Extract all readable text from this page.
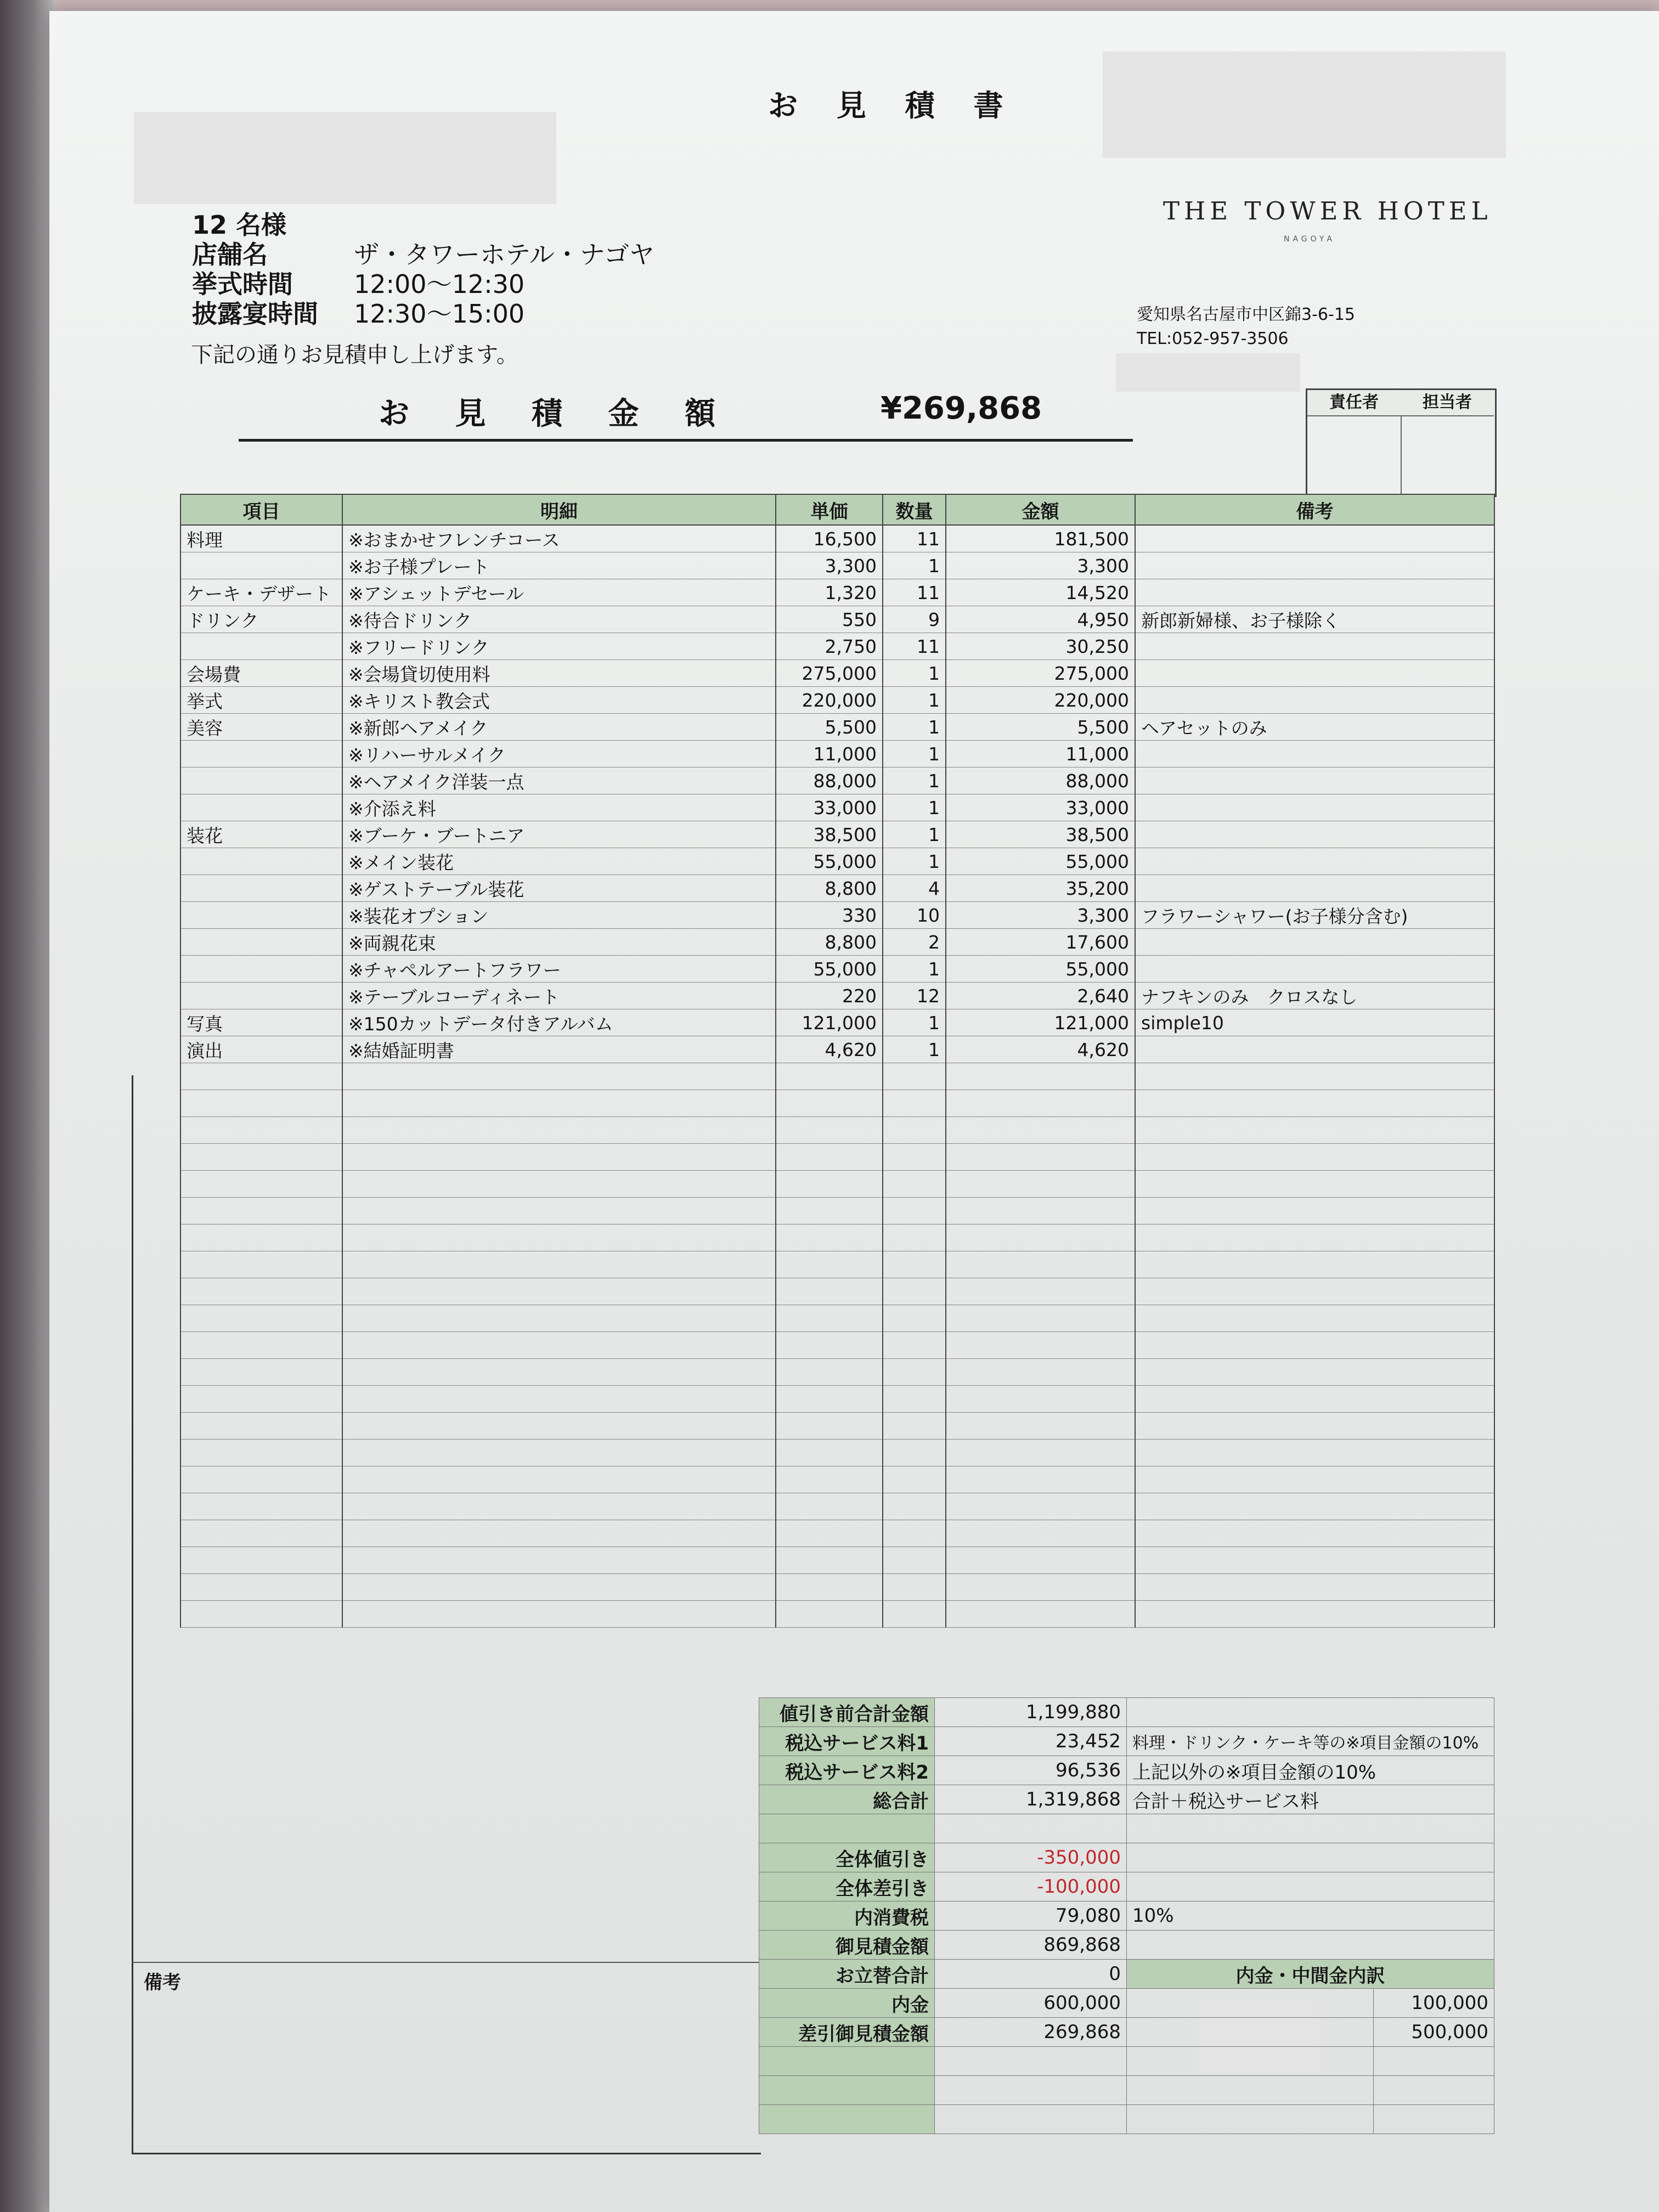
お 見 積 書
12 名様
店舗名	ザ・タワーホテル・ナゴヤ
挙式時間 12:00～12:30
披露宴時間 12:30～15:00
下記の通りお見積申し上げます。
お 見 積 金 額	¥269,868
THE TOWER HOTEL
NAGOYA
愛知県名古屋市中区錦3-6-15
TEL:052-957-3506
責任者	担当者
項目	明細	単価	数量	金額	備考
料理	※おまかせフレンチコース	16,500	11	181,500	
	※お子様プレート	3,300	1	3,300	
ケーキ・デザート	※アシェットデセール	1,320	11	14,520	
ドリンク	※待合ドリンク	550	9	4,950	新郎新婦様、お子様除く
	※フリードリンク	2,750	11	30,250	
会場費	※会場貸切使用料	275,000	1	275,000	
挙式	※キリスト教会式	220,000	1	220,000	
美容	※新郎ヘアメイク	5,500	1	5,500	ヘアセットのみ
	※リハーサルメイク	11,000	1	11,000	
	※ヘアメイク洋装一点	88,000	1	88,000	
	※介添え料	33,000	1	33,000	
装花	※ブーケ・ブートニア	38,500	1	38,500	
	※メイン装花	55,000	1	55,000	
	※ゲストテーブル装花	8,800	4	35,200	
	※装花オプション	330	10	3,300	フラワーシャワー(お子様分含む)
	※両親花束	8,800	2	17,600	
	※チャペルアートフラワー	55,000	1	55,000	
	※テーブルコーディネート	220	12	2,640	ナフキンのみ　クロスなし
写真	※150カットデータ付きアルバム	121,000	1	121,000	simple10
演出	※結婚証明書	4,620	1	4,620	

備考
値引き前合計金額	1,199,880		
税込サービス料1	23,452	料理・ドリンク・ケーキ等の※項目金額の10%	
税込サービス料2	96,536	上記以外の※項目金額の10%	
総合計	1,319,868	合計＋税込サービス料	

全体値引き	-350,000		
全体差引き	-100,000		
内消費税	79,080	10%	
御見積金額	869,868		
お立替合計	0	内金・中間金内訳	
内金	600,000		100,000
差引御見積金額	269,868		500,000
